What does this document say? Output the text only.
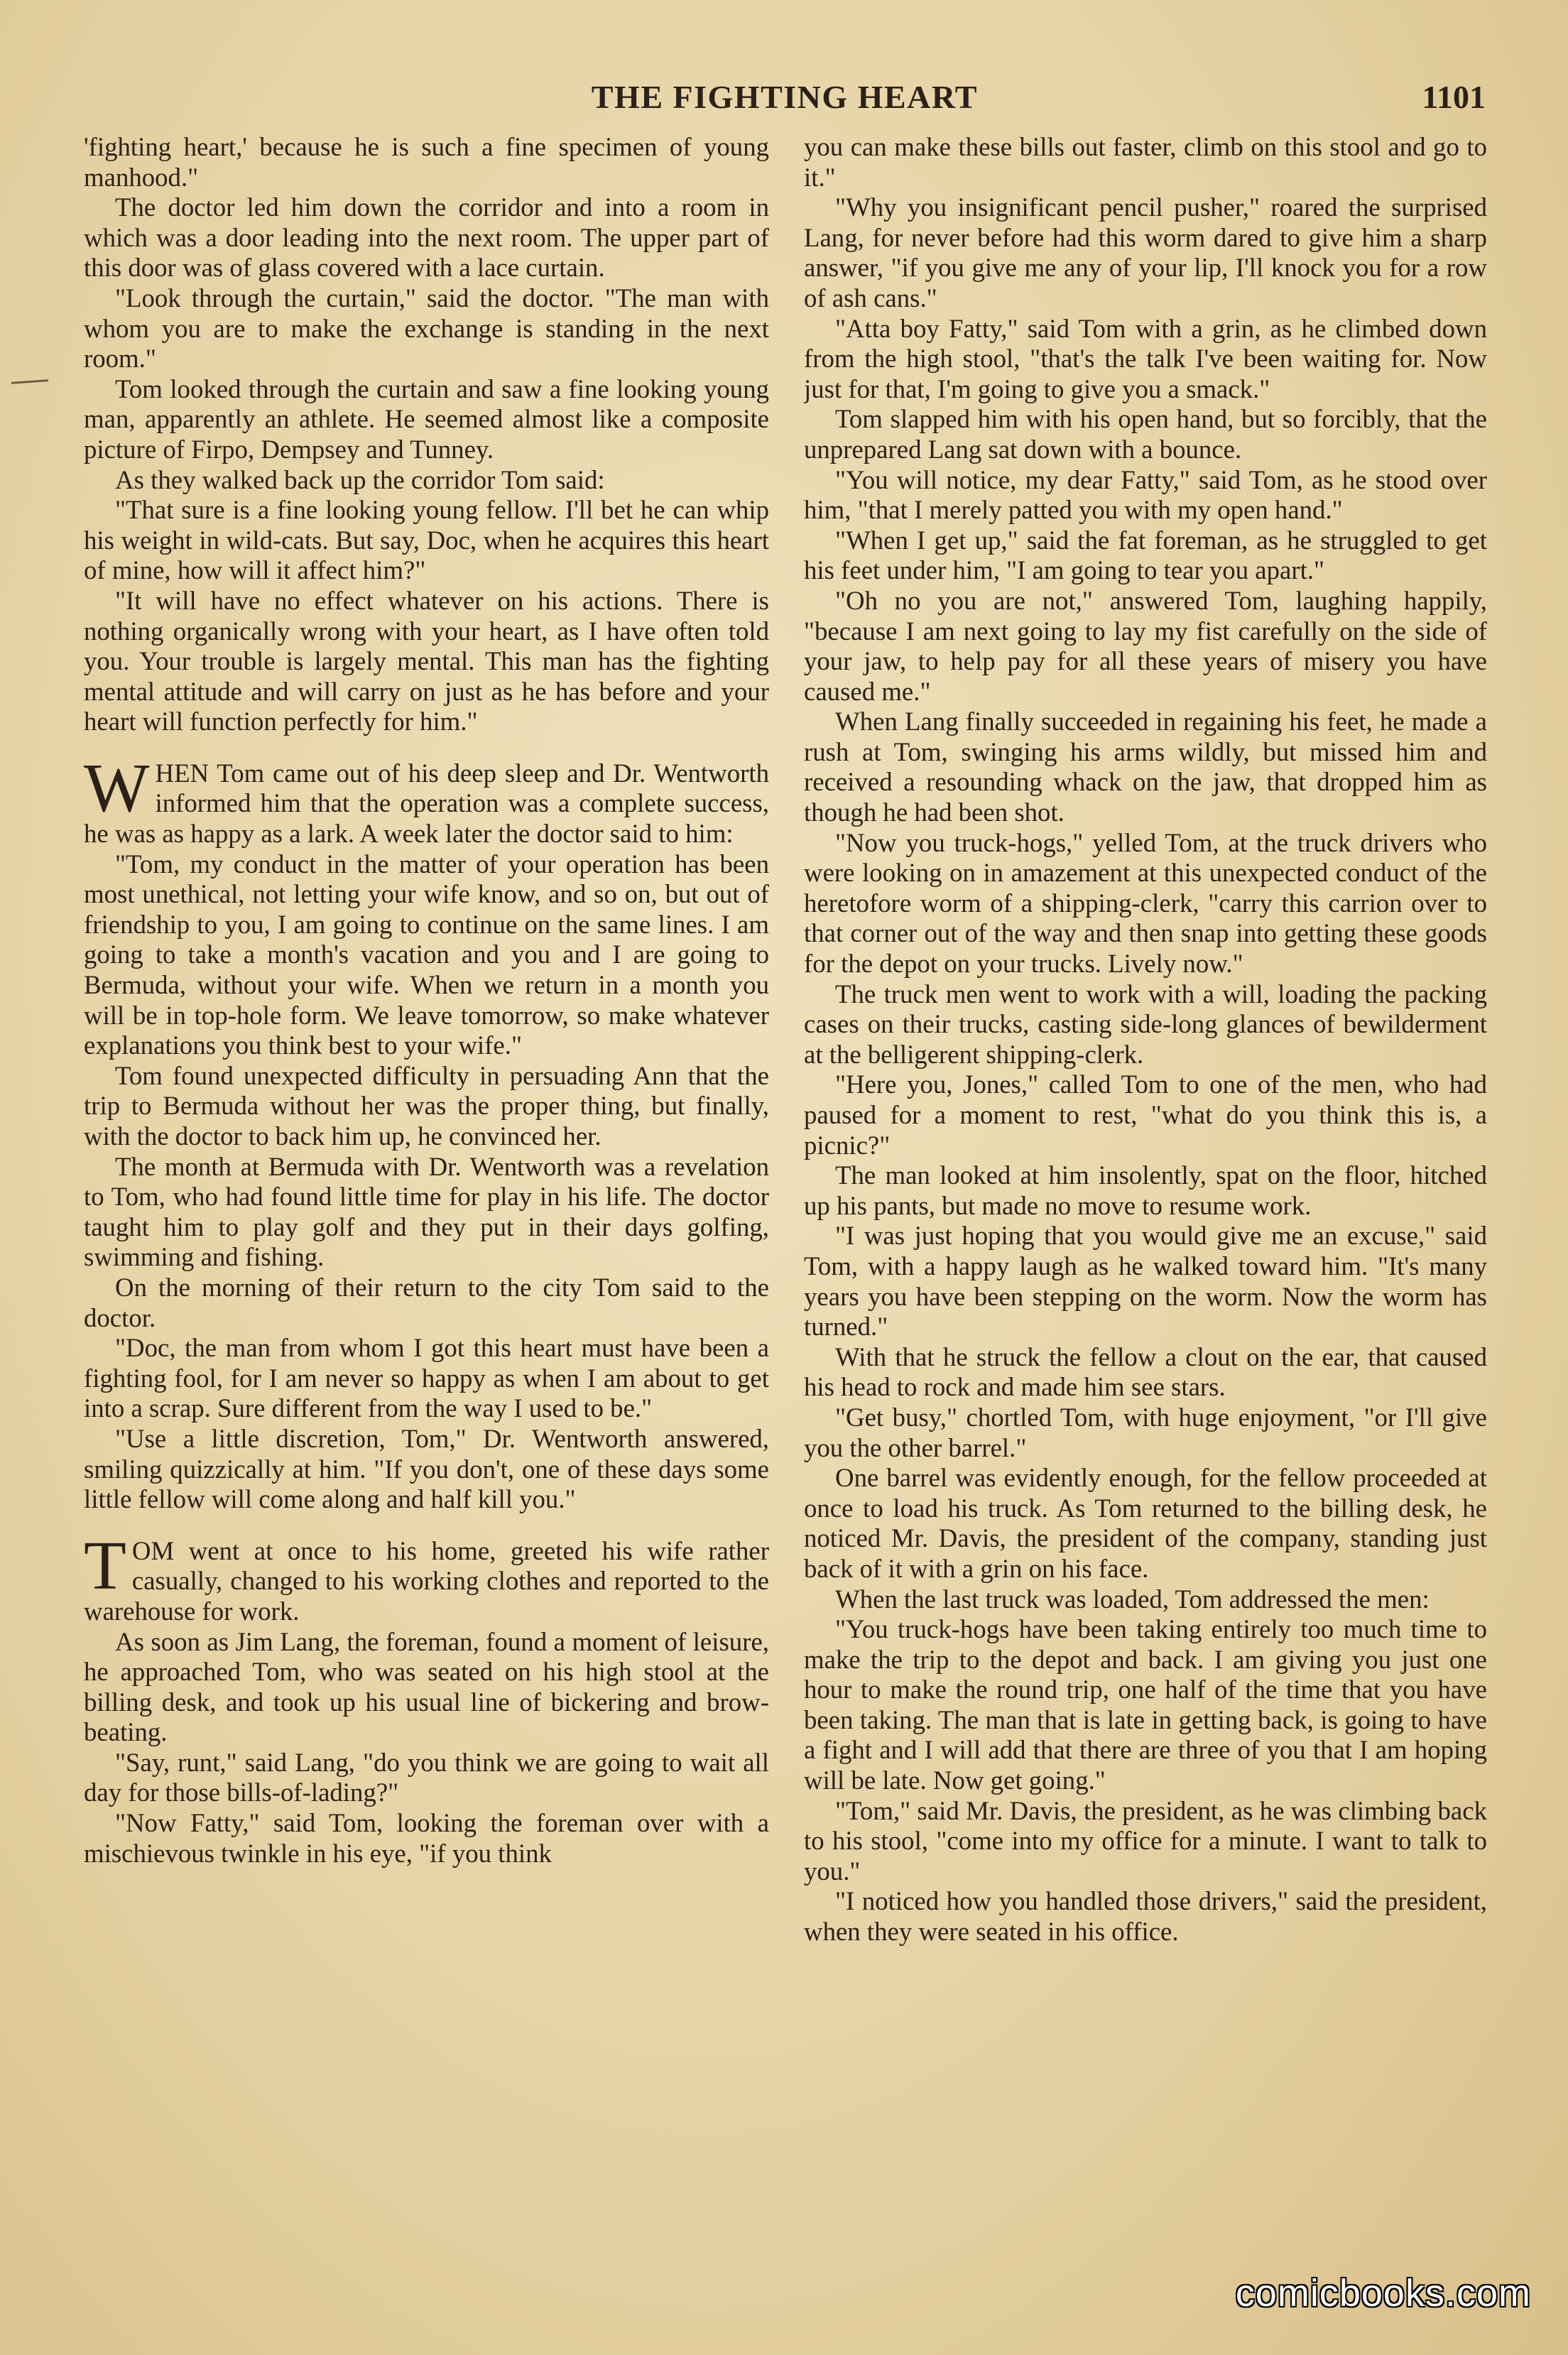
THE FIGHTING HEART	1101

'fighting heart,' because he is such a fine specimen of young manhood."

The doctor led him down the corridor and into a room in which was a door leading into the next room. The upper part of this door was of glass covered with a lace curtain.

"Look through the curtain," said the doctor. "The man with whom you are to make the exchange is standing in the next room."

Tom looked through the curtain and saw a fine looking young man, apparently an athlete. He seemed almost like a composite picture of Firpo, Dempsey and Tunney.

As they walked back up the corridor Tom said:

"That sure is a fine looking young fellow. I'll bet he can whip his weight in wild-cats. But say, Doc, when he acquires this heart of mine, how will it affect him?"

"It will have no effect whatever on his actions. There is nothing organically wrong with your heart, as I have often told you. Your trouble is largely mental. This man has the fighting mental attitude and will carry on just as he has before and your heart will function perfectly for him."

WHEN Tom came out of his deep sleep and Dr. Wentworth informed him that the operation was a complete success, he was as happy as a lark. A week later the doctor said to him:

"Tom, my conduct in the matter of your operation has been most unethical, not letting your wife know, and so on, but out of friendship to you, I am going to continue on the same lines. I am going to take a month's vacation and you and I are going to Bermuda, without your wife. When we return in a month you will be in top-hole form. We leave tomorrow, so make whatever explanations you think best to your wife."

Tom found unexpected difficulty in persuading Ann that the trip to Bermuda without her was the proper thing, but finally, with the doctor to back him up, he convinced her.

The month at Bermuda with Dr. Wentworth was a revelation to Tom, who had found little time for play in his life. The doctor taught him to play golf and they put in their days golfing, swimming and fishing.

On the morning of their return to the city Tom said to the doctor.

"Doc, the man from whom I got this heart must have been a fighting fool, for I am never so happy as when I am about to get into a scrap. Sure different from the way I used to be."

"Use a little discretion, Tom," Dr. Wentworth answered, smiling quizzically at him. "If you don't, one of these days some little fellow will come along and half kill you."

TOM went at once to his home, greeted his wife rather casually, changed to his working clothes and reported to the warehouse for work.

As soon as Jim Lang, the foreman, found a moment of leisure, he approached Tom, who was seated on his high stool at the billing desk, and took up his usual line of bickering and brow-beating.

"Say, runt," said Lang, "do you think we are going to wait all day for those bills-of-lading?"

"Now Fatty," said Tom, looking the foreman over with a mischievous twinkle in his eye, "if you think

you can make these bills out faster, climb on this stool and go to it."

"Why you insignificant pencil pusher," roared the surprised Lang, for never before had this worm dared to give him a sharp answer, "if you give me any of your lip, I'll knock you for a row of ash cans."

"Atta boy Fatty," said Tom with a grin, as he climbed down from the high stool, "that's the talk I've been waiting for. Now just for that, I'm going to give you a smack."

Tom slapped him with his open hand, but so forcibly, that the unprepared Lang sat down with a bounce.

"You will notice, my dear Fatty," said Tom, as he stood over him, "that I merely patted you with my open hand."

"When I get up," said the fat foreman, as he struggled to get his feet under him, "I am going to tear you apart."

"Oh no you are not," answered Tom, laughing happily, "because I am next going to lay my fist carefully on the side of your jaw, to help pay for all these years of misery you have caused me."

When Lang finally succeeded in regaining his feet, he made a rush at Tom, swinging his arms wildly, but missed him and received a resounding whack on the jaw, that dropped him as though he had been shot.

"Now you truck-hogs," yelled Tom, at the truck drivers who were looking on in amazement at this unexpected conduct of the heretofore worm of a shipping-clerk, "carry this carrion over to that corner out of the way and then snap into getting these goods for the depot on your trucks. Lively now."

The truck men went to work with a will, loading the packing cases on their trucks, casting side-long glances of bewilderment at the belligerent shipping-clerk.

"Here you, Jones," called Tom to one of the men, who had paused for a moment to rest, "what do you think this is, a picnic?"

The man looked at him insolently, spat on the floor, hitched up his pants, but made no move to resume work.

"I was just hoping that you would give me an excuse," said Tom, with a happy laugh as he walked toward him. "It's many years you have been stepping on the worm. Now the worm has turned."

With that he struck the fellow a clout on the ear, that caused his head to rock and made him see stars.

"Get busy," chortled Tom, with huge enjoyment, "or I'll give you the other barrel."

One barrel was evidently enough, for the fellow proceeded at once to load his truck. As Tom returned to the billing desk, he noticed Mr. Davis, the president of the company, standing just back of it with a grin on his face.

When the last truck was loaded, Tom addressed the men:

"You truck-hogs have been taking entirely too much time to make the trip to the depot and back. I am giving you just one hour to make the round trip, one half of the time that you have been taking. The man that is late in getting back, is going to have a fight and I will add that there are three of you that I am hoping will be late. Now get going."

"Tom," said Mr. Davis, the president, as he was climbing back to his stool, "come into my office for a minute. I want to talk to you."

"I noticed how you handled those drivers," said the president, when they were seated in his office.

comicbooks.com
